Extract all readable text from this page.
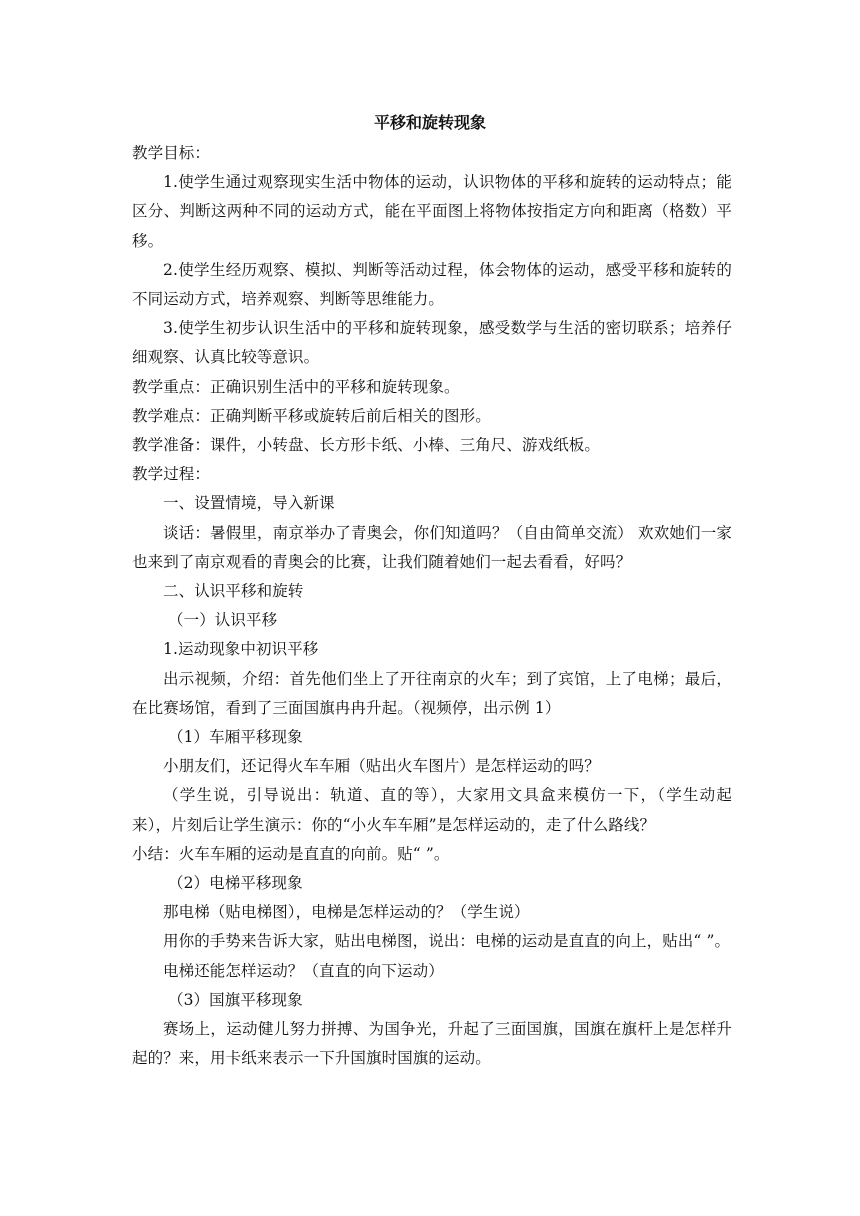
平移和旋转现象

教学目标：

1.使学生通过观察现实生活中物体的运动，认识物体的平移和旋转的运动特点；能区分、判断这两种不同的运动方式，能在平面图上将物体按指定方向和距离（格数）平移。

2.使学生经历观察、模拟、判断等活动过程，体会物体的运动，感受平移和旋转的不同运动方式，培养观察、判断等思维能力。

3.使学生初步认识生活中的平移和旋转现象，感受数学与生活的密切联系；培养仔细观察、认真比较等意识。

教学重点：正确识别生活中的平移和旋转现象。

教学难点：正确判断平移或旋转后前后相关的图形。

教学准备：课件，小转盘、长方形卡纸、小棒、三角尺、游戏纸板。

教学过程：

一、设置情境，导入新课

谈话：暑假里，南京举办了青奥会，你们知道吗？（自由简单交流） 欢欢她们一家也来到了南京观看的青奥会的比赛，让我们随着她们一起去看看，好吗？

二、认识平移和旋转

（一）认识平移

1.运动现象中初识平移

出示视频，介绍：首先他们坐上了开往南京的火车；到了宾馆，上了电梯；最后，在比赛场馆，看到了三面国旗冉冉升起。（视频停，出示例 1）

（1）车厢平移现象

小朋友们，还记得火车车厢（贴出火车图片）是怎样运动的吗？

（学生说，引导说出：轨道、直的等），大家用文具盒来模仿一下，（学生动起来），片刻后让学生演示：你的“小火车车厢”是怎样运动的，走了什么路线？

小结：火车车厢的运动是直直的向前。贴“ ”。

（2）电梯平移现象

那电梯（贴电梯图），电梯是怎样运动的？（学生说）

用你的手势来告诉大家，贴出电梯图，说出：电梯的运动是直直的向上，贴出“ ”。

电梯还能怎样运动？（直直的向下运动）

（3）国旗平移现象

赛场上，运动健儿努力拼搏、为国争光，升起了三面国旗，国旗在旗杆上是怎样升起的？来，用卡纸来表示一下升国旗时国旗的运动。
